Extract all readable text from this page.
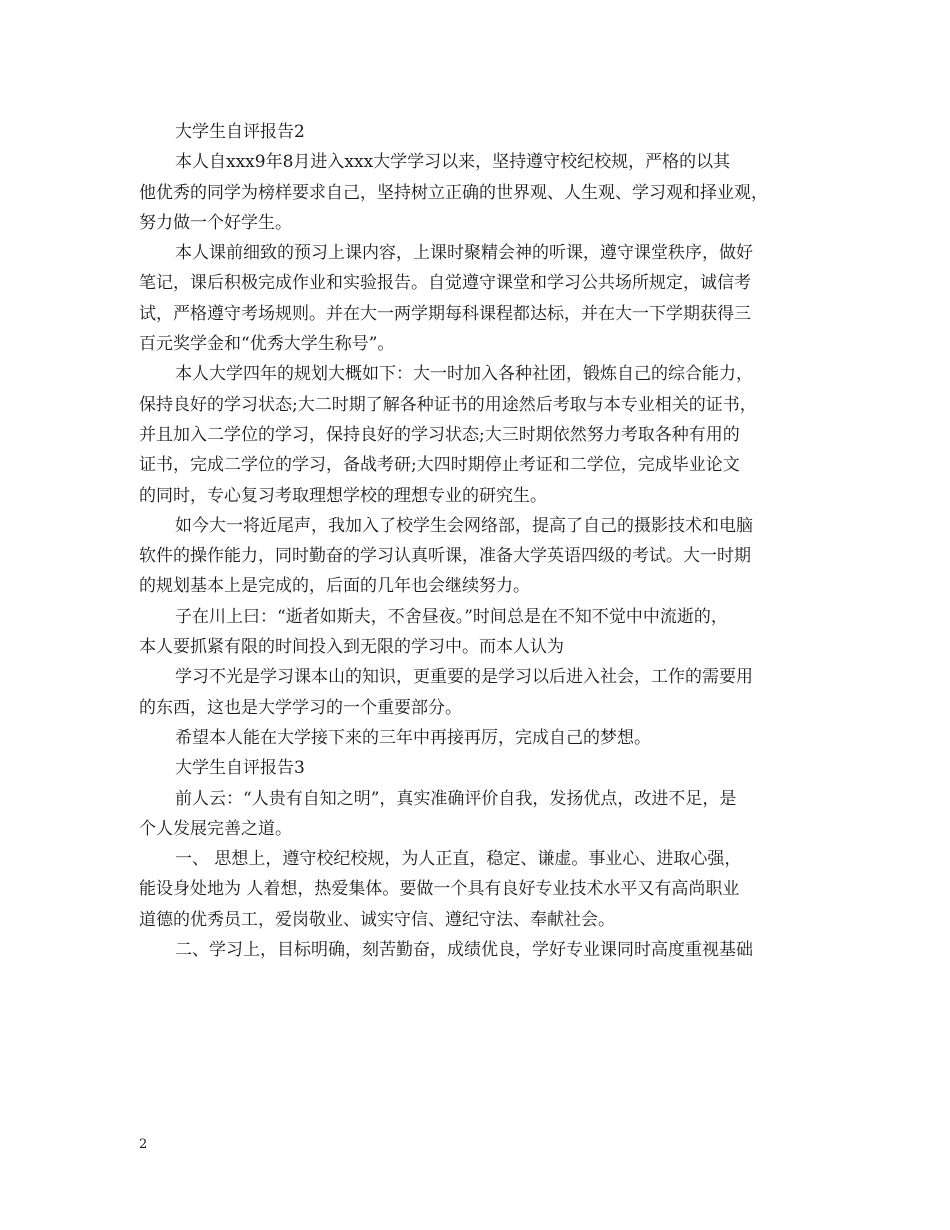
大学生自评报告2
本人自xxx9年8月进入xxx大学学习以来，坚持遵守校纪校规，严格的以其
他优秀的同学为榜样要求自己，坚持树立正确的世界观、人生观、学习观和择业观，
努力做一个好学生。
本人课前细致的预习上课内容，上课时聚精会神的听课，遵守课堂秩序，做好
笔记，课后积极完成作业和实验报告。自觉遵守课堂和学习公共场所规定，诚信考
试，严格遵守考场规则。并在大一两学期每科课程都达标，并在大一下学期获得三
百元奖学金和“优秀大学生称号”。
本人大学四年的规划大概如下：大一时加入各种社团，锻炼自己的综合能力，
保持良好的学习状态;大二时期了解各种证书的用途然后考取与本专业相关的证书，
并且加入二学位的学习，保持良好的学习状态;大三时期依然努力考取各种有用的
证书，完成二学位的学习，备战考研;大四时期停止考证和二学位，完成毕业论文
的同时，专心复习考取理想学校的理想专业的研究生。
如今大一将近尾声，我加入了校学生会网络部，提高了自己的摄影技术和电脑
软件的操作能力，同时勤奋的学习认真听课，准备大学英语四级的考试。大一时期
的规划基本上是完成的，后面的几年也会继续努力。
子在川上曰：“逝者如斯夫，不舍昼夜。”时间总是在不知不觉中中流逝的，
本人要抓紧有限的时间投入到无限的学习中。而本人认为
学习不光是学习课本山的知识，更重要的是学习以后进入社会，工作的需要用
的东西，这也是大学学习的一个重要部分。
希望本人能在大学接下来的三年中再接再厉，完成自己的梦想。
大学生自评报告3
前人云：“人贵有自知之明”，真实准确评价自我，发扬优点，改进不足，是
个人发展完善之道。
一、 思想上，遵守校纪校规，为人正直，稳定、谦虚。事业心、进取心强，
能设身处地为 人着想，热爱集体。要做一个具有良好专业技术水平又有高尚职业
道德的优秀员工，爱岗敬业、诚实守信、遵纪守法、奉献社会。
二、学习上，目标明确，刻苦勤奋，成绩优良，学好专业课同时高度重视基础
2
